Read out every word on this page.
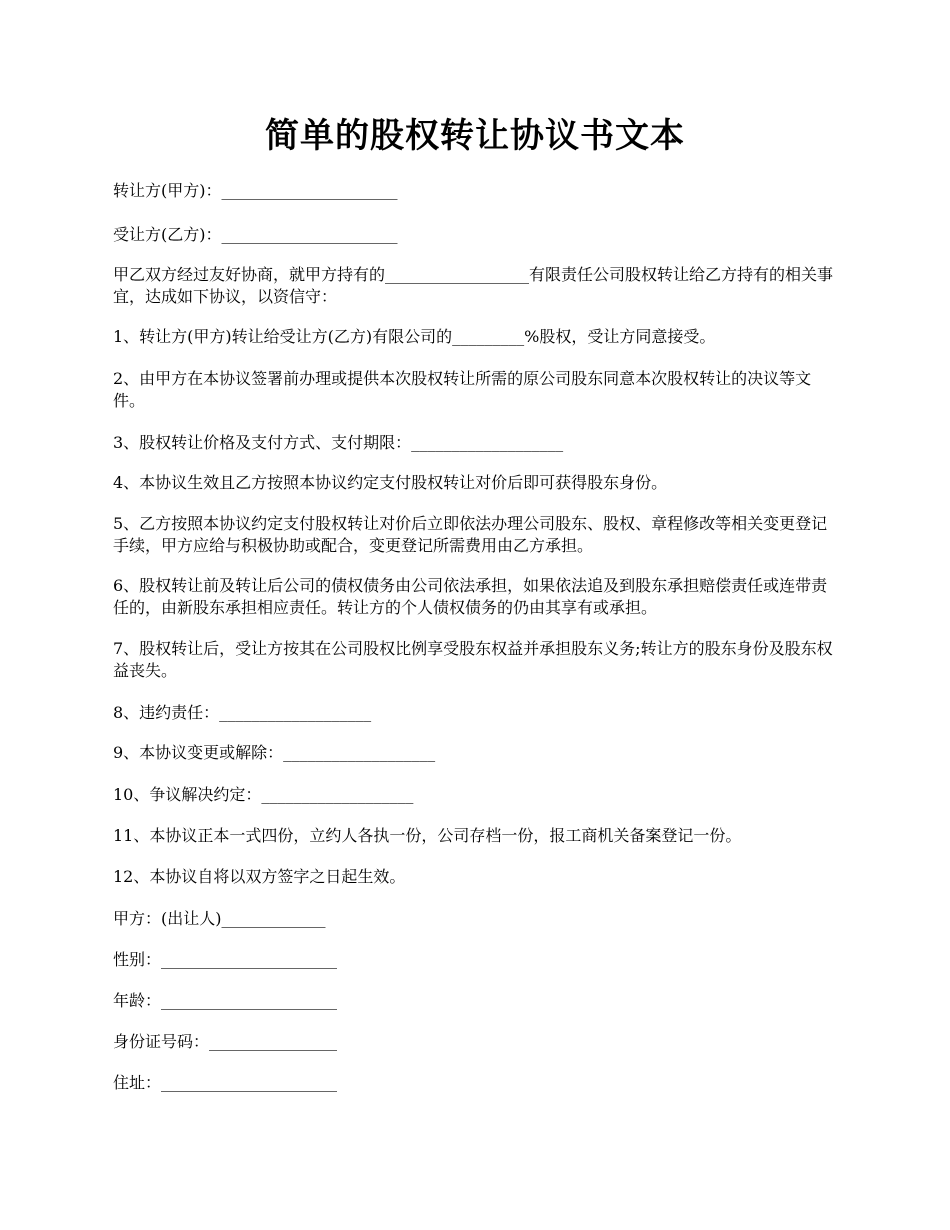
简单的股权转让协议书文本
转让方(甲方)：______________________
受让方(乙方)：______________________
甲乙双方经过友好协商，就甲方持有的__________________有限责任公司股权转让给乙方持有的相关事宜，达成如下协议，以资信守：
1、转让方(甲方)转让给受让方(乙方)有限公司的_________%股权，受让方同意接受。
2、由甲方在本协议签署前办理或提供本次股权转让所需的原公司股东同意本次股权转让的决议等文件。
3、股权转让价格及支付方式、支付期限：___________________
4、本协议生效且乙方按照本协议约定支付股权转让对价后即可获得股东身份。
5、乙方按照本协议约定支付股权转让对价后立即依法办理公司股东、股权、章程修改等相关变更登记手续，甲方应给与积极协助或配合，变更登记所需费用由乙方承担。
6、股权转让前及转让后公司的债权债务由公司依法承担，如果依法追及到股东承担赔偿责任或连带责任的，由新股东承担相应责任。转让方的个人债权债务的仍由其享有或承担。
7、股权转让后，受让方按其在公司股权比例享受股东权益并承担股东义务;转让方的股东身份及股东权益丧失。
8、违约责任：___________________
9、本协议变更或解除：___________________
10、争议解决约定：___________________
11、本协议正本一式四份，立约人各执一份，公司存档一份，报工商机关备案登记一份。
12、本协议自将以双方签字之日起生效。
甲方：(出让人)_____________
性别：______________________
年龄：______________________
身份证号码：________________
住址：______________________
